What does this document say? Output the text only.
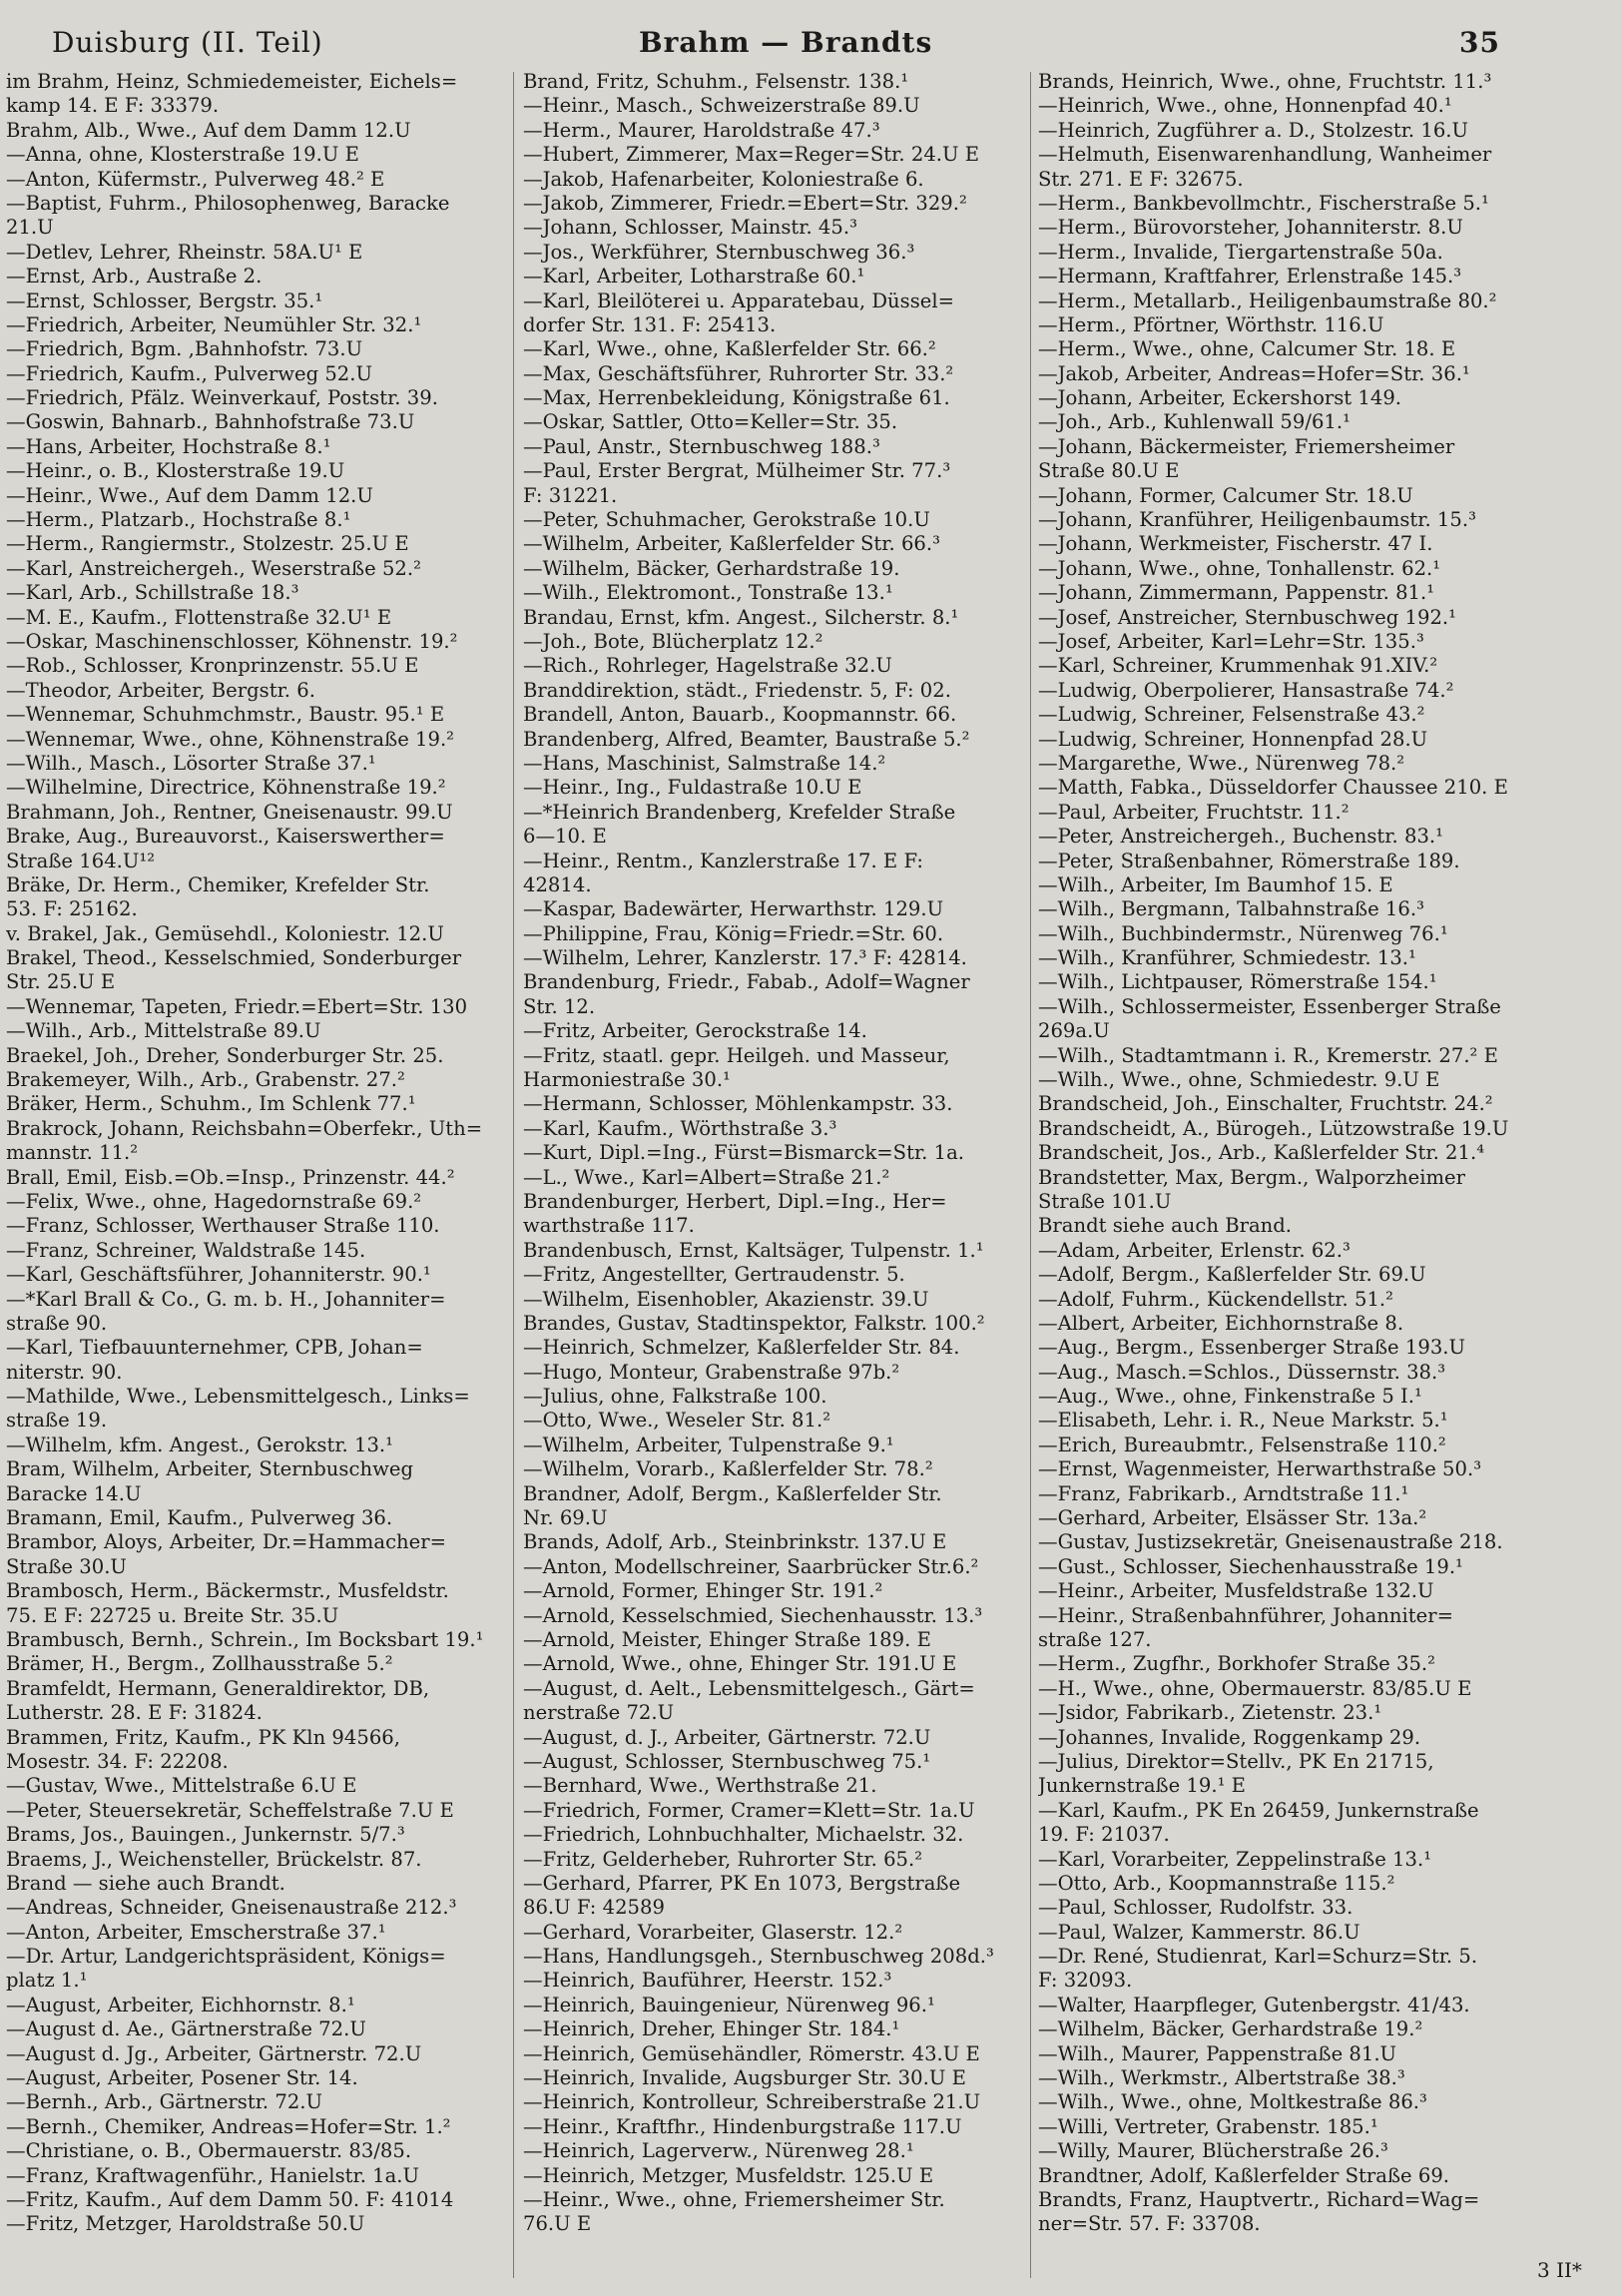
Duisburg (II. Teil)	Brahm — Brandts	35
im Brahm, Heinz, Schmiedemeister, Eichels=
kamp 14. E F: 33379.
Brahm, Alb., Wwe., Auf dem Damm 12.U
—Anna, ohne, Klosterstraße 19.U E
—Anton, Küfermstr., Pulverweg 48.² E
—Baptist, Fuhrm., Philosophenweg, Baracke
21.U
—Detlev, Lehrer, Rheinstr. 58A.U¹ E
—Ernst, Arb., Austraße 2.
—Ernst, Schlosser, Bergstr. 35.¹
—Friedrich, Arbeiter, Neumühler Str. 32.¹
—Friedrich, Bgm. ,Bahnhofstr. 73.U
—Friedrich, Kaufm., Pulverweg 52.U
—Friedrich, Pfälz. Weinverkauf, Poststr. 39.
—Goswin, Bahnarb., Bahnhofstraße 73.U
—Hans, Arbeiter, Hochstraße 8.¹
—Heinr., o. B., Klosterstraße 19.U
—Heinr., Wwe., Auf dem Damm 12.U
—Herm., Platzarb., Hochstraße 8.¹
—Herm., Rangiermstr., Stolzestr. 25.U E
—Karl, Anstreichergeh., Weserstraße 52.²
—Karl, Arb., Schillstraße 18.³
—M. E., Kaufm., Flottenstraße 32.U¹ E
—Oskar, Maschinenschlosser, Köhnenstr. 19.²
—Rob., Schlosser, Kronprinzenstr. 55.U E
—Theodor, Arbeiter, Bergstr. 6.
—Wennemar, Schuhmchmstr., Baustr. 95.¹ E
—Wennemar, Wwe., ohne, Köhnenstraße 19.²
—Wilh., Masch., Lösorter Straße 37.¹
—Wilhelmine, Directrice, Köhnenstraße 19.²
Brahmann, Joh., Rentner, Gneisenaustr. 99.U
Brake, Aug., Bureauvorst., Kaiserswerther=
Straße 164.U¹²
Bräke, Dr. Herm., Chemiker, Krefelder Str.
53. F: 25162.
v. Brakel, Jak., Gemüsehdl., Koloniestr. 12.U
Brakel, Theod., Kesselschmied, Sonderburger
Str. 25.U E
—Wennemar, Tapeten, Friedr.=Ebert=Str. 130
—Wilh., Arb., Mittelstraße 89.U
Braekel, Joh., Dreher, Sonderburger Str. 25.
Brakemeyer, Wilh., Arb., Grabenstr. 27.²
Bräker, Herm., Schuhm., Im Schlenk 77.¹
Brakrock, Johann, Reichsbahn=Oberfekr., Uth=
mannstr. 11.²
Brall, Emil, Eisb.=Ob.=Insp., Prinzenstr. 44.²
—Felix, Wwe., ohne, Hagedornstraße 69.²
—Franz, Schlosser, Werthauser Straße 110.
—Franz, Schreiner, Waldstraße 145.
—Karl, Geschäftsführer, Johanniterstr. 90.¹
—*Karl Brall & Co., G. m. b. H., Johanniter=
straße 90.
—Karl, Tiefbauunternehmer, CPB, Johan=
niterstr. 90.
—Mathilde, Wwe., Lebensmittelgesch., Links=
straße 19.
—Wilhelm, kfm. Angest., Gerokstr. 13.¹
Bram, Wilhelm, Arbeiter, Sternbuschweg
Baracke 14.U
Bramann, Emil, Kaufm., Pulverweg 36.
Brambor, Aloys, Arbeiter, Dr.=Hammacher=
Straße 30.U
Brambosch, Herm., Bäckermstr., Musfeldstr.
75. E F: 22725 u. Breite Str. 35.U
Brambusch, Bernh., Schrein., Im Bocksbart 19.¹
Brämer, H., Bergm., Zollhausstraße 5.²
Bramfeldt, Hermann, Generaldirektor, DB,
Lutherstr. 28. E F: 31824.
Brammen, Fritz, Kaufm., PK Kln 94566,
Mosestr. 34. F: 22208.
—Gustav, Wwe., Mittelstraße 6.U E
—Peter, Steuersekretär, Scheffelstraße 7.U E
Brams, Jos., Bauingen., Junkernstr. 5/7.³
Braems, J., Weichensteller, Brückelstr. 87.
Brand — siehe auch Brandt.
—Andreas, Schneider, Gneisenaustraße 212.³
—Anton, Arbeiter, Emscherstraße 37.¹
—Dr. Artur, Landgerichtspräsident, Königs=
platz 1.¹
—August, Arbeiter, Eichhornstr. 8.¹
—August d. Ae., Gärtnerstraße 72.U
—August d. Jg., Arbeiter, Gärtnerstr. 72.U
—August, Arbeiter, Posener Str. 14.
—Bernh., Arb., Gärtnerstr. 72.U
—Bernh., Chemiker, Andreas=Hofer=Str. 1.²
—Christiane, o. B., Obermauerstr. 83/85.
—Franz, Kraftwagenführ., Hanielstr. 1a.U
—Fritz, Kaufm., Auf dem Damm 50. F: 41014
—Fritz, Metzger, Haroldstraße 50.U
Brand, Fritz, Schuhm., Felsenstr. 138.¹
—Heinr., Masch., Schweizerstraße 89.U
—Herm., Maurer, Haroldstraße 47.³
—Hubert, Zimmerer, Max=Reger=Str. 24.U E
—Jakob, Hafenarbeiter, Koloniestraße 6.
—Jakob, Zimmerer, Friedr.=Ebert=Str. 329.²
—Johann, Schlosser, Mainstr. 45.³
—Jos., Werkführer, Sternbuschweg 36.³
—Karl, Arbeiter, Lotharstraße 60.¹
—Karl, Bleilöterei u. Apparatebau, Düssel=
dorfer Str. 131. F: 25413.
—Karl, Wwe., ohne, Kaßlerfelder Str. 66.²
—Max, Geschäftsführer, Ruhrorter Str. 33.²
—Max, Herrenbekleidung, Königstraße 61.
—Oskar, Sattler, Otto=Keller=Str. 35.
—Paul, Anstr., Sternbuschweg 188.³
—Paul, Erster Bergrat, Mülheimer Str. 77.³
F: 31221.
—Peter, Schuhmacher, Gerokstraße 10.U
—Wilhelm, Arbeiter, Kaßlerfelder Str. 66.³
—Wilhelm, Bäcker, Gerhardstraße 19.
—Wilh., Elektromont., Tonstraße 13.¹
Brandau, Ernst, kfm. Angest., Silcherstr. 8.¹
—Joh., Bote, Blücherplatz 12.²
—Rich., Rohrleger, Hagelstraße 32.U
Branddirektion, städt., Friedenstr. 5, F: 02.
Brandell, Anton, Bauarb., Koopmannstr. 66.
Brandenberg, Alfred, Beamter, Baustraße 5.²
—Hans, Maschinist, Salmstraße 14.²
—Heinr., Ing., Fuldastraße 10.U E
—*Heinrich Brandenberg, Krefelder Straße
6—10. E
—Heinr., Rentm., Kanzlerstraße 17. E F:
42814.
—Kaspar, Badewärter, Herwarthstr. 129.U
—Philippine, Frau, König=Friedr.=Str. 60.
—Wilhelm, Lehrer, Kanzlerstr. 17.³ F: 42814.
Brandenburg, Friedr., Fabab., Adolf=Wagner
Str. 12.
—Fritz, Arbeiter, Gerockstraße 14.
—Fritz, staatl. gepr. Heilgeh. und Masseur,
Harmoniestraße 30.¹
—Hermann, Schlosser, Möhlenkampstr. 33.
—Karl, Kaufm., Wörthstraße 3.³
—Kurt, Dipl.=Ing., Fürst=Bismarck=Str. 1a.
—L., Wwe., Karl=Albert=Straße 21.²
Brandenburger, Herbert, Dipl.=Ing., Her=
warthstraße 117.
Brandenbusch, Ernst, Kaltsäger, Tulpenstr. 1.¹
—Fritz, Angestellter, Gertraudenstr. 5.
—Wilhelm, Eisenhobler, Akazienstr. 39.U
Brandes, Gustav, Stadtinspektor, Falkstr. 100.²
—Heinrich, Schmelzer, Kaßlerfelder Str. 84.
—Hugo, Monteur, Grabenstraße 97b.²
—Julius, ohne, Falkstraße 100.
—Otto, Wwe., Weseler Str. 81.²
—Wilhelm, Arbeiter, Tulpenstraße 9.¹
—Wilhelm, Vorarb., Kaßlerfelder Str. 78.²
Brandner, Adolf, Bergm., Kaßlerfelder Str.
Nr. 69.U
Brands, Adolf, Arb., Steinbrinkstr. 137.U E
—Anton, Modellschreiner, Saarbrücker Str.6.²
—Arnold, Former, Ehinger Str. 191.²
—Arnold, Kesselschmied, Siechenhausstr. 13.³
—Arnold, Meister, Ehinger Straße 189. E
—Arnold, Wwe., ohne, Ehinger Str. 191.U E
—August, d. Aelt., Lebensmittelgesch., Gärt=
nerstraße 72.U
—August, d. J., Arbeiter, Gärtnerstr. 72.U
—August, Schlosser, Sternbuschweg 75.¹
—Bernhard, Wwe., Werthstraße 21.
—Friedrich, Former, Cramer=Klett=Str. 1a.U
—Friedrich, Lohnbuchhalter, Michaelstr. 32.
—Fritz, Gelderheber, Ruhrorter Str. 65.²
—Gerhard, Pfarrer, PK En 1073, Bergstraße
86.U F: 42589
—Gerhard, Vorarbeiter, Glaserstr. 12.²
—Hans, Handlungsgeh., Sternbuschweg 208d.³
—Heinrich, Bauführer, Heerstr. 152.³
—Heinrich, Bauingenieur, Nürenweg 96.¹
—Heinrich, Dreher, Ehinger Str. 184.¹
—Heinrich, Gemüsehändler, Römerstr. 43.U E
—Heinrich, Invalide, Augsburger Str. 30.U E
—Heinrich, Kontrolleur, Schreiberstraße 21.U
—Heinr., Kraftfhr., Hindenburgstraße 117.U
—Heinrich, Lagerverw., Nürenweg 28.¹
—Heinrich, Metzger, Musfeldstr. 125.U E
—Heinr., Wwe., ohne, Friemersheimer Str.
76.U E
Brands, Heinrich, Wwe., ohne, Fruchtstr. 11.³
—Heinrich, Wwe., ohne, Honnenpfad 40.¹
—Heinrich, Zugführer a. D., Stolzestr. 16.U
—Helmuth, Eisenwarenhandlung, Wanheimer
Str. 271. E F: 32675.
—Herm., Bankbevollmchtr., Fischerstraße 5.¹
—Herm., Bürovorsteher, Johanniterstr. 8.U
—Herm., Invalide, Tiergartenstraße 50a.
—Hermann, Kraftfahrer, Erlenstraße 145.³
—Herm., Metallarb., Heiligenbaumstraße 80.²
—Herm., Pförtner, Wörthstr. 116.U
—Herm., Wwe., ohne, Calcumer Str. 18. E
—Jakob, Arbeiter, Andreas=Hofer=Str. 36.¹
—Johann, Arbeiter, Eckershorst 149.
—Joh., Arb., Kuhlenwall 59/61.¹
—Johann, Bäckermeister, Friemersheimer
Straße 80.U E
—Johann, Former, Calcumer Str. 18.U
—Johann, Kranführer, Heiligenbaumstr. 15.³
—Johann, Werkmeister, Fischerstr. 47 I.
—Johann, Wwe., ohne, Tonhallenstr. 62.¹
—Johann, Zimmermann, Pappenstr. 81.¹
—Josef, Anstreicher, Sternbuschweg 192.¹
—Josef, Arbeiter, Karl=Lehr=Str. 135.³
—Karl, Schreiner, Krummenhak 91.XIV.²
—Ludwig, Oberpolierer, Hansastraße 74.²
—Ludwig, Schreiner, Felsenstraße 43.²
—Ludwig, Schreiner, Honnenpfad 28.U
—Margarethe, Wwe., Nürenweg 78.²
—Matth, Fabka., Düsseldorfer Chaussee 210. E
—Paul, Arbeiter, Fruchtstr. 11.²
—Peter, Anstreichergeh., Buchenstr. 83.¹
—Peter, Straßenbahner, Römerstraße 189.
—Wilh., Arbeiter, Im Baumhof 15. E
—Wilh., Bergmann, Talbahnstraße 16.³
—Wilh., Buchbindermstr., Nürenweg 76.¹
—Wilh., Kranführer, Schmiedestr. 13.¹
—Wilh., Lichtpauser, Römerstraße 154.¹
—Wilh., Schlossermeister, Essenberger Straße
269a.U
—Wilh., Stadtamtmann i. R., Kremerstr. 27.² E
—Wilh., Wwe., ohne, Schmiedestr. 9.U E
Brandscheid, Joh., Einschalter, Fruchtstr. 24.²
Brandscheidt, A., Bürogeh., Lützowstraße 19.U
Brandscheit, Jos., Arb., Kaßlerfelder Str. 21.⁴
Brandstetter, Max, Bergm., Walporzheimer
Straße 101.U
Brandt siehe auch Brand.
—Adam, Arbeiter, Erlenstr. 62.³
—Adolf, Bergm., Kaßlerfelder Str. 69.U
—Adolf, Fuhrm., Kückendellstr. 51.²
—Albert, Arbeiter, Eichhornstraße 8.
—Aug., Bergm., Essenberger Straße 193.U
—Aug., Masch.=Schlos., Düssernstr. 38.³
—Aug., Wwe., ohne, Finkenstraße 5 I.¹
—Elisabeth, Lehr. i. R., Neue Markstr. 5.¹
—Erich, Bureaubmtr., Felsenstraße 110.²
—Ernst, Wagenmeister, Herwarthstraße 50.³
—Franz, Fabrikarb., Arndtstraße 11.¹
—Gerhard, Arbeiter, Elsässer Str. 13a.²
—Gustav, Justizsekretär, Gneisenaustraße 218.
—Gust., Schlosser, Siechenhausstraße 19.¹
—Heinr., Arbeiter, Musfeldstraße 132.U
—Heinr., Straßenbahnführer, Johanniter=
straße 127.
—Herm., Zugfhr., Borkhofer Straße 35.²
—H., Wwe., ohne, Obermauerstr. 83/85.U E
—Jsidor, Fabrikarb., Zietenstr. 23.¹
—Johannes, Invalide, Roggenkamp 29.
—Julius, Direktor=Stellv., PK En 21715,
Junkernstraße 19.¹ E
—Karl, Kaufm., PK En 26459, Junkernstraße
19. F: 21037.
—Karl, Vorarbeiter, Zeppelinstraße 13.¹
—Otto, Arb., Koopmannstraße 115.²
—Paul, Schlosser, Rudolfstr. 33.
—Paul, Walzer, Kammerstr. 86.U
—Dr. René, Studienrat, Karl=Schurz=Str. 5.
F: 32093.
—Walter, Haarpfleger, Gutenbergstr. 41/43.
—Wilhelm, Bäcker, Gerhardstraße 19.²
—Wilh., Maurer, Pappenstraße 81.U
—Wilh., Werkmstr., Albertstraße 38.³
—Wilh., Wwe., ohne, Moltkestraße 86.³
—Willi, Vertreter, Grabenstr. 185.¹
—Willy, Maurer, Blücherstraße 26.³
Brandtner, Adolf, Kaßlerfelder Straße 69.
Brandts, Franz, Hauptvertr., Richard=Wag=
ner=Str. 57. F: 33708.
3 II*
